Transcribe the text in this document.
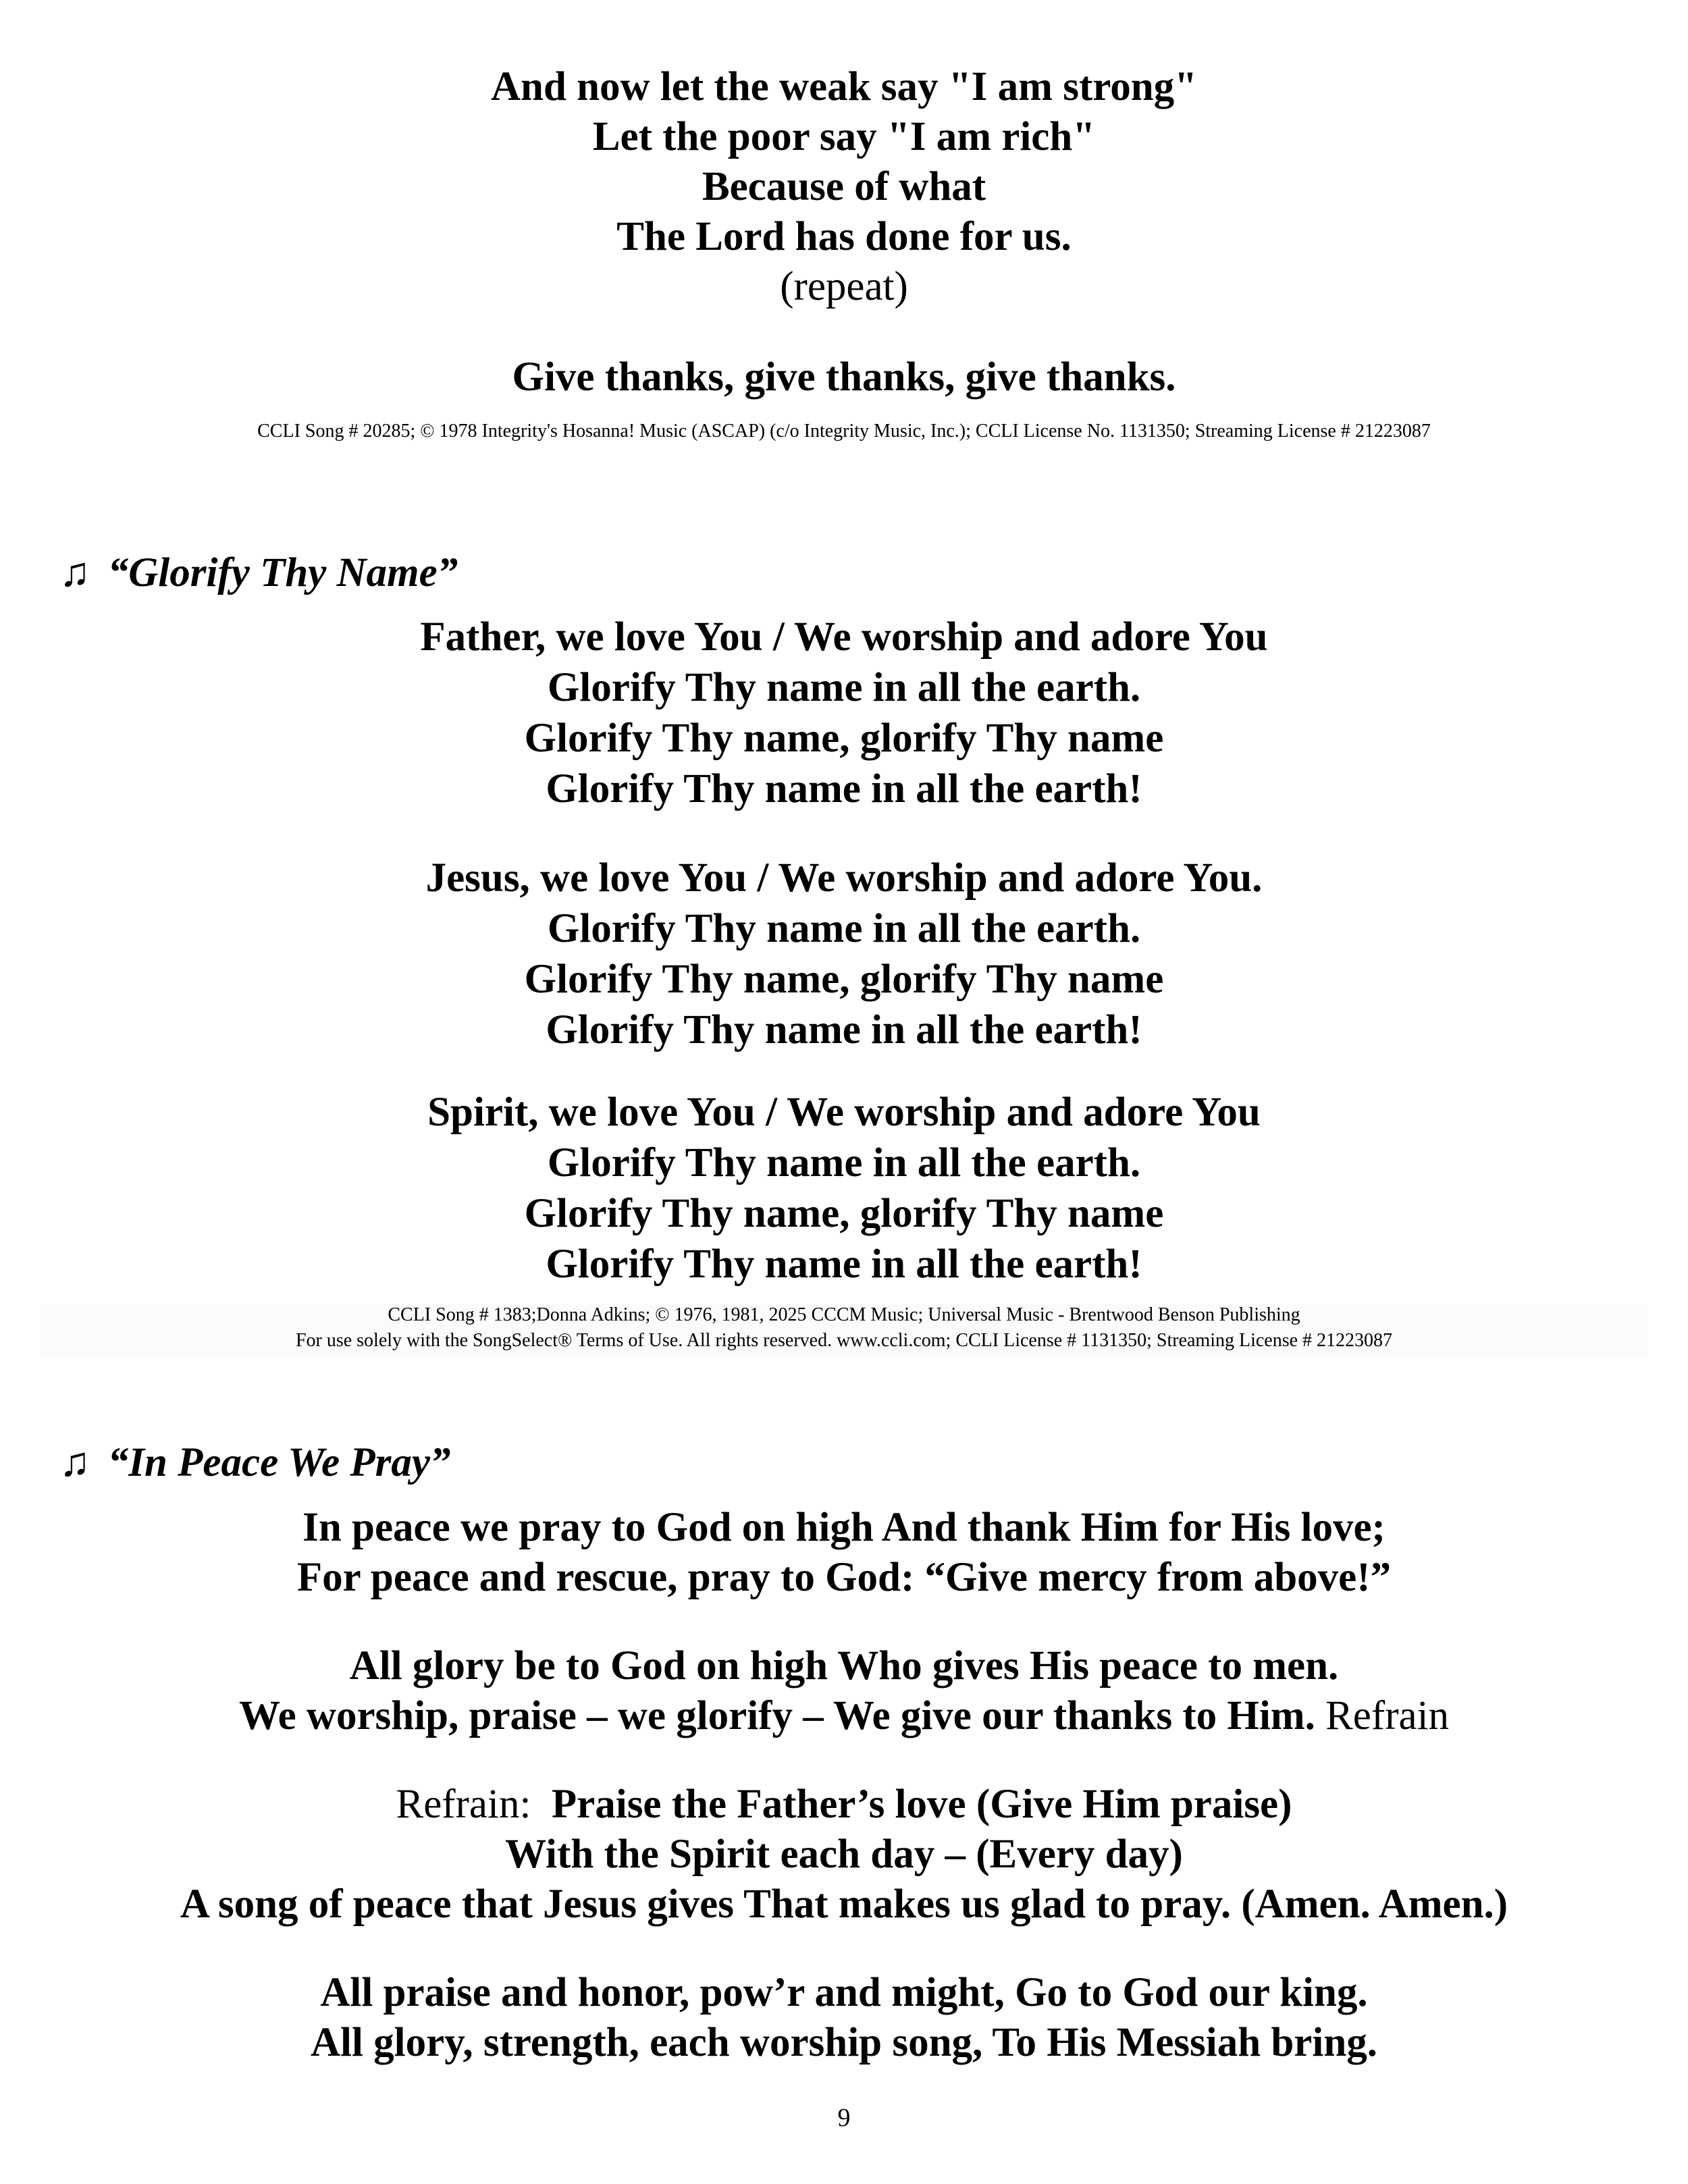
And now let the weak say "I am strong"
Let the poor say "I am rich"
Because of what
The Lord has done for us.
(repeat)
Give thanks, give thanks, give thanks.
CCLI Song # 20285; © 1978 Integrity's Hosanna! Music (ASCAP) (c/o Integrity Music, Inc.); CCLI License No. 1131350; Streaming License # 21223087
♫ “Glorify Thy Name”
Father, we love You / We worship and adore You
Glorify Thy name in all the earth.
Glorify Thy name, glorify Thy name
Glorify Thy name in all the earth!
Jesus, we love You / We worship and adore You.
Glorify Thy name in all the earth.
Glorify Thy name, glorify Thy name
Glorify Thy name in all the earth!
Spirit, we love You / We worship and adore You
Glorify Thy name in all the earth.
Glorify Thy name, glorify Thy name
Glorify Thy name in all the earth!
CCLI Song # 1383;Donna Adkins; © 1976, 1981, 2025 CCCM Music; Universal Music - Brentwood Benson Publishing
For use solely with the SongSelect® Terms of Use. All rights reserved. www.ccli.com; CCLI License # 1131350; Streaming License # 21223087
♫ “In Peace We Pray”
In peace we pray to God on high And thank Him for His love;
For peace and rescue, pray to God: “Give mercy from above!”
All glory be to God on high Who gives His peace to men.
We worship, praise – we glorify – We give our thanks to Him. Refrain
Refrain: Praise the Father’s love (Give Him praise)
With the Spirit each day – (Every day)
A song of peace that Jesus gives That makes us glad to pray. (Amen. Amen.)
All praise and honor, pow’r and might, Go to God our king.
All glory, strength, each worship song, To His Messiah bring.
9
